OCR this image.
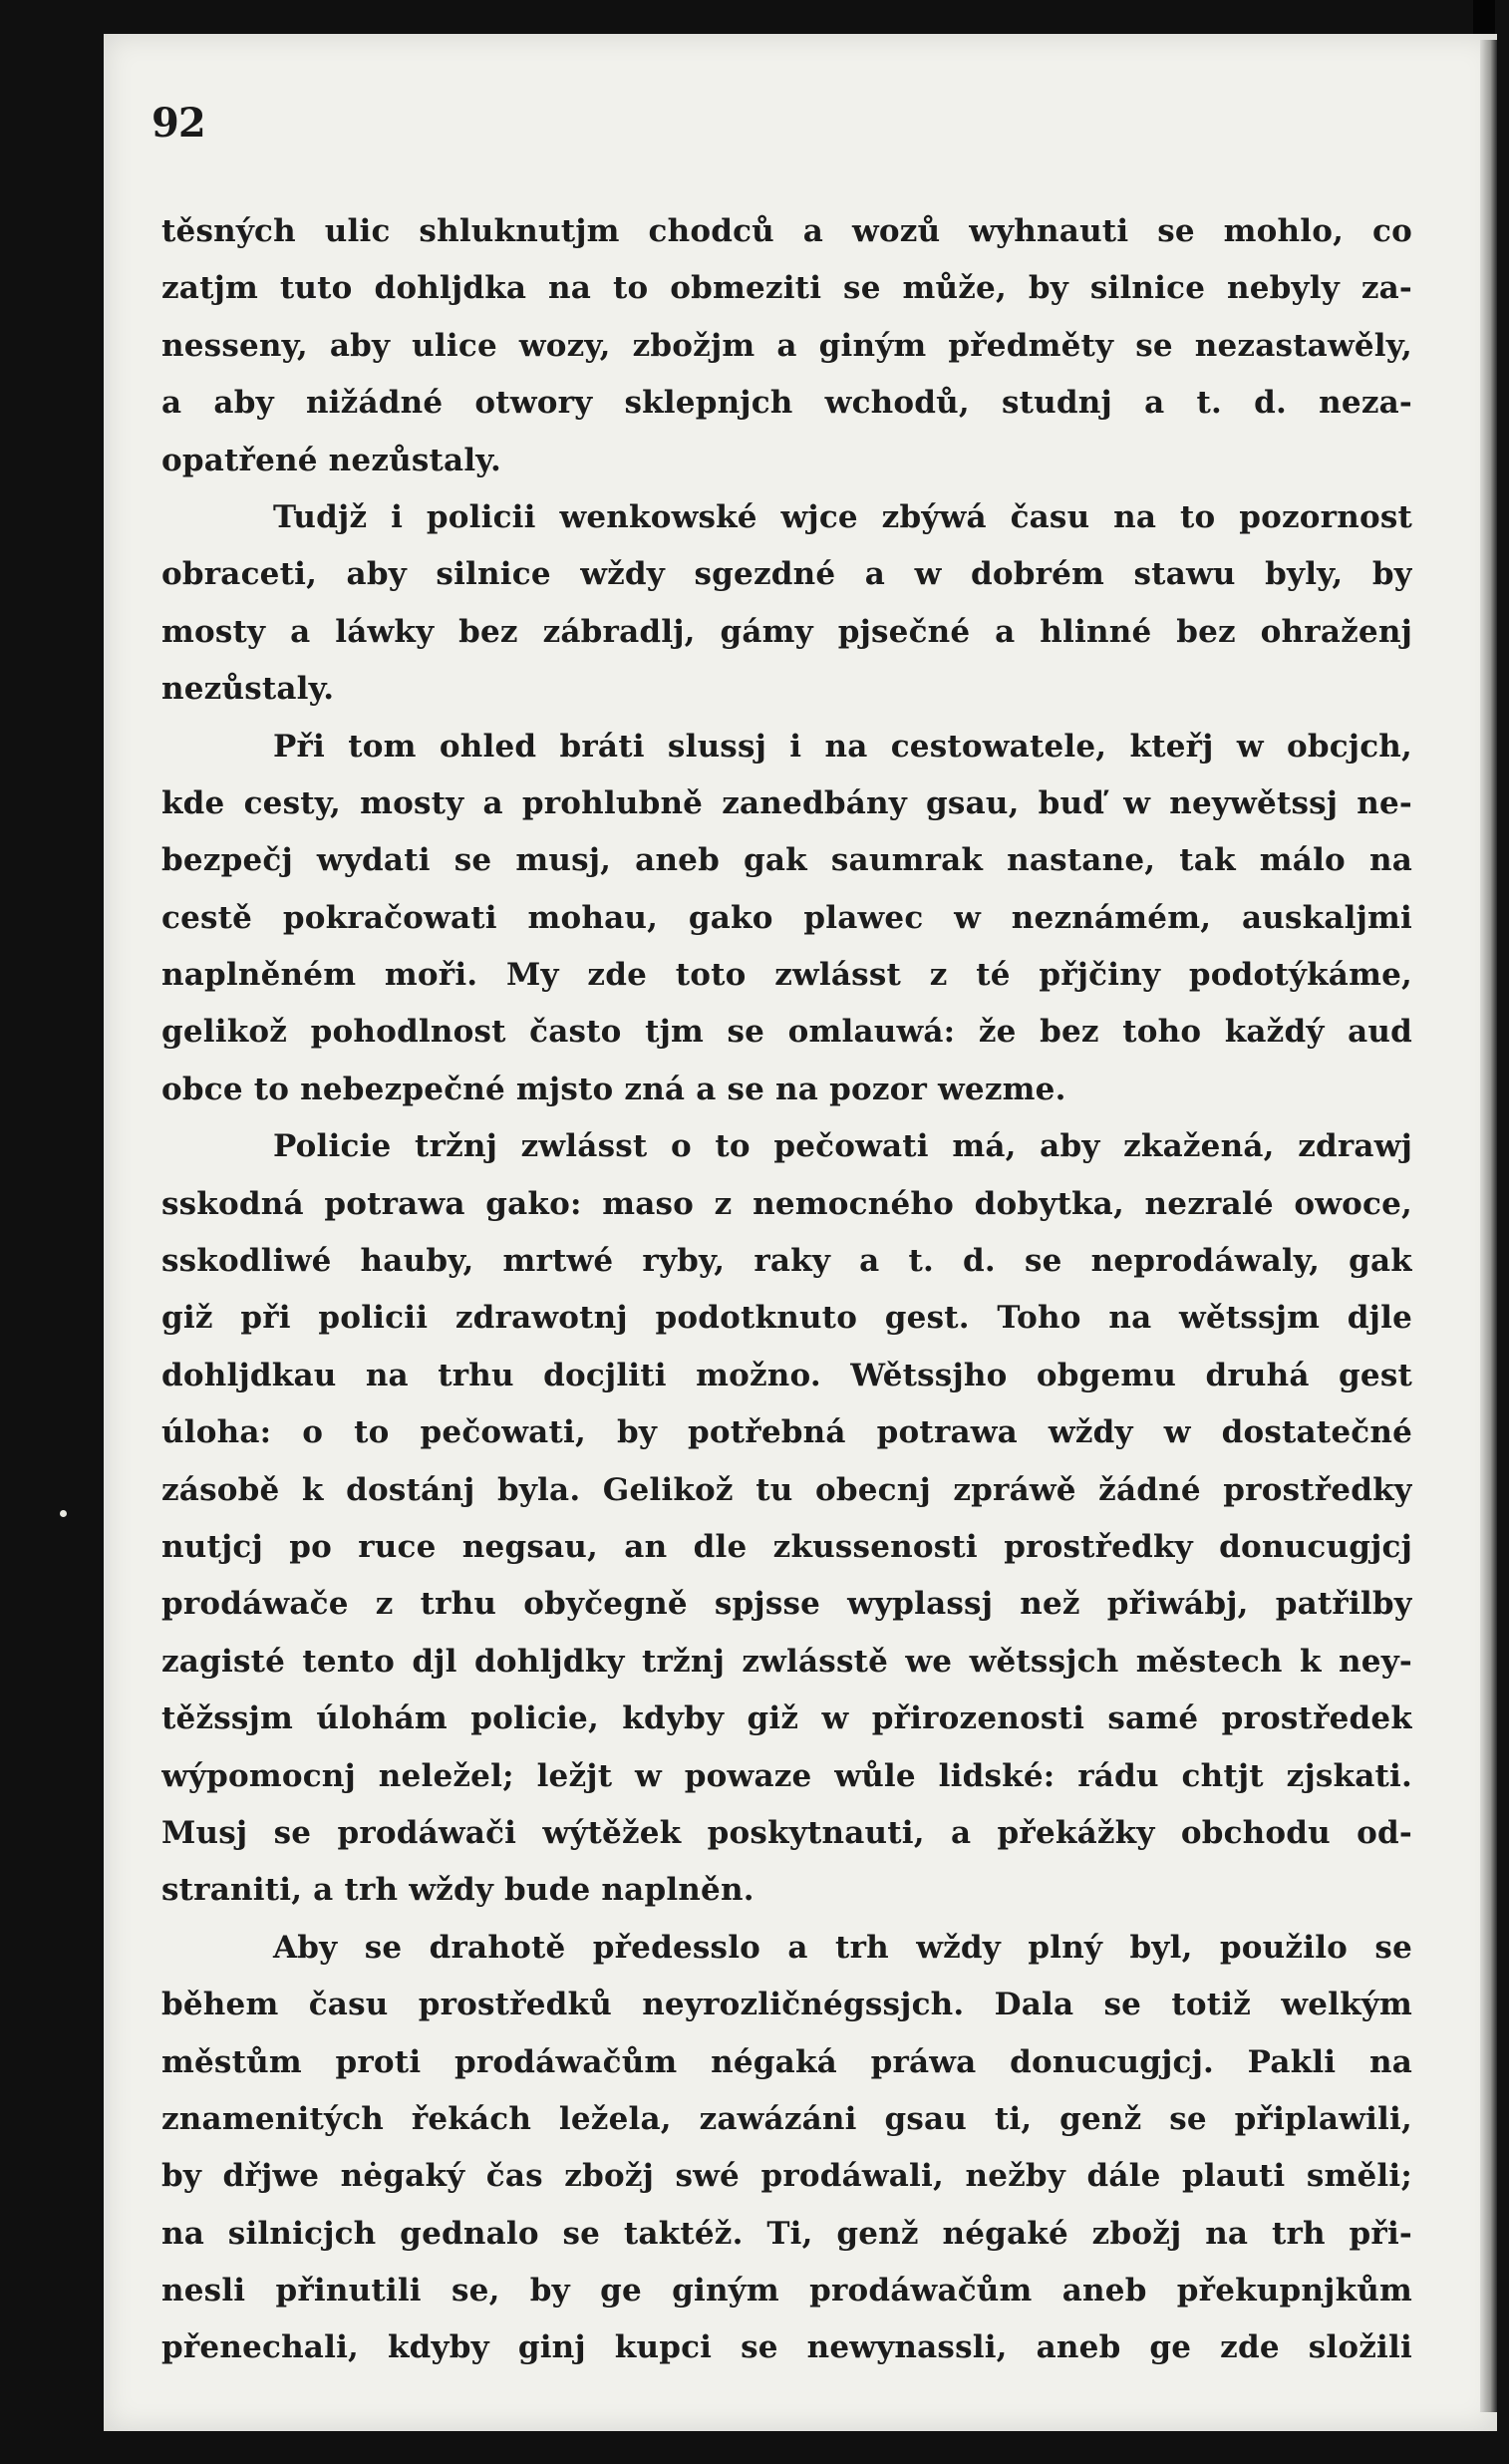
92
těsných ulic shluknutjm chodců a wozů wyhnauti se mohlo, co
zatjm tuto dohljdka na to obmeziti se může, by silnice nebyly za-
nesseny, aby ulice wozy, zbožjm a giným předměty se nezastawěly,
a aby nižádné otwory sklepnjch wchodů, studnj a t. d. neza-
opatřené nezůstaly.
Tudjž i policii wenkowské wjce zbýwá času na to pozornost
obraceti, aby silnice wždy sgezdné a w dobrém stawu byly, by
mosty a láwky bez zábradlj, gámy pjsečné a hlinné bez ohraženj
nezůstaly.
Při tom ohled bráti slussj i na cestowatele, kteřj w obcjch,
kde cesty, mosty a prohlubně zanedbány gsau, buď w neywětssj ne-
bezpečj wydati se musj, aneb gak saumrak nastane, tak málo na
cestě pokračowati mohau, gako plawec w neznámém, auskaljmi
naplněném moři. My zde toto zwlásst z té přjčiny podotýkáme,
gelikož pohodlnost často tjm se omlauwá: že bez toho každý aud
obce to nebezpečné mjsto zná a se na pozor wezme.
Policie tržnj zwlásst o to pečowati má, aby zkažená, zdrawj
sskodná potrawa gako: maso z nemocného dobytka, nezralé owoce,
sskodliwé hauby, mrtwé ryby, raky a t. d. se neprodáwaly, gak
giž při policii zdrawotnj podotknuto gest. Toho na wětssjm djle
dohljdkau na trhu docjliti možno. Wětssjho obgemu druhá gest
úloha: o to pečowati, by potřebná potrawa wždy w dostatečné
zásobě k dostánj byla. Gelikož tu obecnj zpráwě žádné prostředky
nutjcj po ruce negsau, an dle zkussenosti prostředky donucugjcj
prodáwače z trhu obyčegně spjsse wyplassj než přiwábj, patřilby
zagisté tento djl dohljdky tržnj zwlásstě we wětssjch městech k ney-
těžssjm úlohám policie, kdyby giž w přirozenosti samé prostředek
wýpomocnj neležel; ležjt w powaze wůle lidské: rádu chtjt zjskati.
Musj se prodáwači wýtěžek poskytnauti, a překážky obchodu od-
straniti, a trh wždy bude naplněn.
Aby se drahotě předesslo a trh wždy plný byl, použilo se
během času prostředků neyrozličnégssjch. Dala se totiž welkým
městům proti prodáwačům négaká práwa donucugjcj. Pakli na
znamenitých řekách ležela, zawázáni gsau ti, genž se připlawili,
by dřjwe nėgaký čas zbožj swé prodáwali, nežby dále plauti směli;
na silnicjch gednalo se taktéž. Ti, genž négaké zbožj na trh při-
nesli přinutili se, by ge giným prodáwačům aneb překupnjkům
přenechali, kdyby ginj kupci se newynassli, aneb ge zde složili
